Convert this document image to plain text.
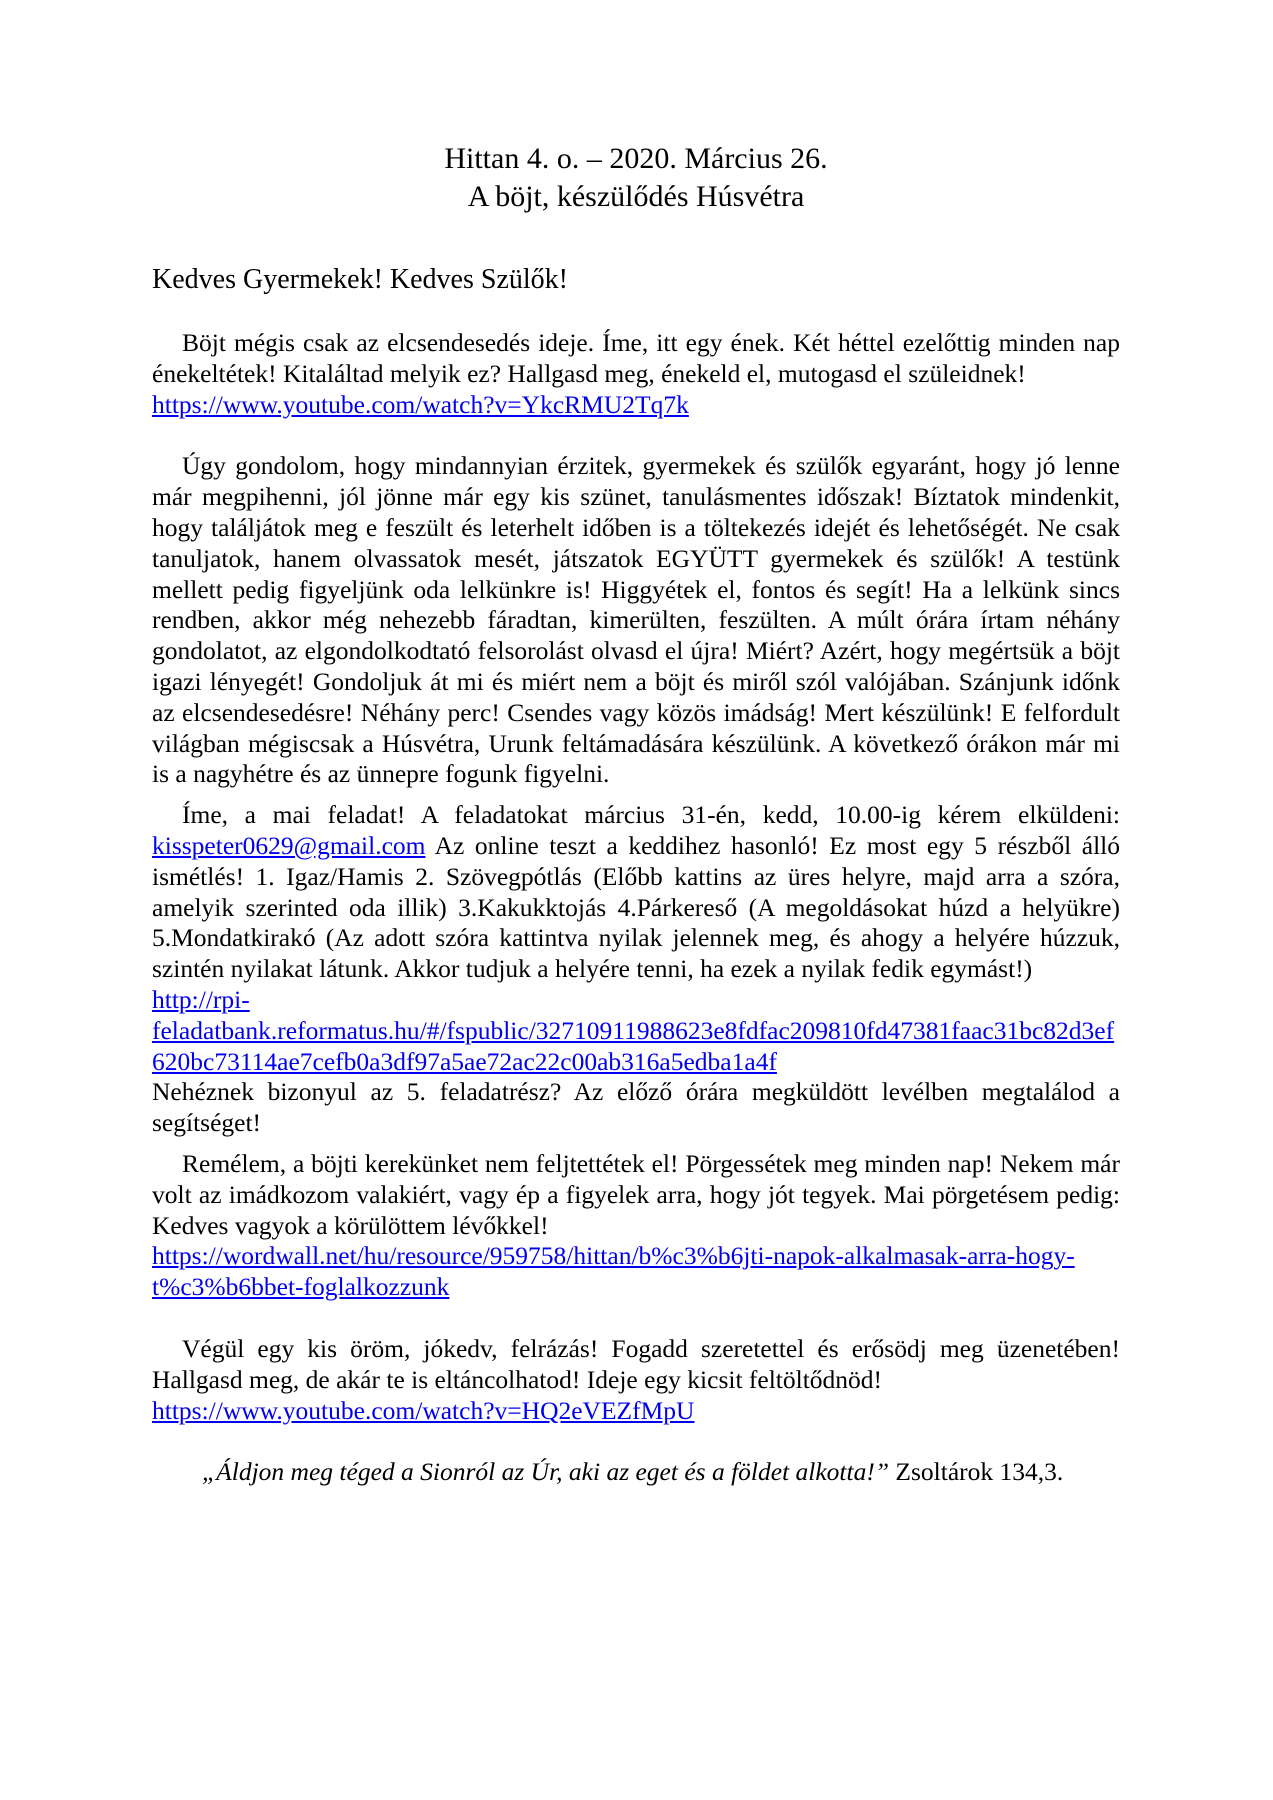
Hittan 4. o. – 2020. Március 26.
A böjt, készülődés Húsvétra

Kedves Gyermekek! Kedves Szülők!

Böjt mégis csak az elcsendesedés ideje. Íme, itt egy ének. Két héttel ezelőttig minden nap énekeltétek! Kitaláltad melyik ez? Hallgasd meg, énekeld el, mutogasd el szüleidnek!

https://www.youtube.com/watch?v=YkcRMU2Tq7k

Úgy gondolom, hogy mindannyian érzitek, gyermekek és szülők egyaránt, hogy jó lenne már megpihenni, jól jönne már egy kis szünet, tanulásmentes időszak! Bíztatok mindenkit, hogy találjátok meg e feszült és leterhelt időben is a töltekezés idejét és lehetőségét. Ne csak tanuljatok, hanem olvassatok mesét, játszatok EGYÜTT gyermekek és szülők! A testünk mellett pedig figyeljünk oda lelkünkre is! Higgyétek el, fontos és segít! Ha a lelkünk sincs rendben, akkor még nehezebb fáradtan, kimerülten, feszülten. A múlt órára írtam néhány gondolatot, az elgondolkodtató felsorolást olvasd el újra! Miért? Azért, hogy megértsük a böjt igazi lényegét! Gondoljuk át mi és miért nem a böjt és miről szól valójában. Szánjunk időnk az elcsendesedésre! Néhány perc! Csendes vagy közös imádság! Mert készülünk! E felfordult világban mégiscsak a Húsvétra, Urunk feltámadására készülünk. A következő órákon már mi is a nagyhétre és az ünnepre fogunk figyelni.

Íme, a mai feladat! A feladatokat március 31-én, kedd, 10.00-ig kérem elküldeni: kisspeter0629@gmail.com Az online teszt a keddihez hasonló! Ez most egy 5 részből álló ismétlés! 1. Igaz/Hamis 2. Szövegpótlás (Előbb kattins az üres helyre, majd arra a szóra, amelyik szerinted oda illik) 3.Kakukktojás 4.Párkereső (A megoldásokat húzd a helyükre) 5.Mondatkirakó (Az adott szóra kattintva nyilak jelennek meg, és ahogy a helyére húzzuk, szintén nyilakat látunk. Akkor tudjuk a helyére tenni, ha ezek a nyilak fedik egymást!)

http://rpi-
feladatbank.reformatus.hu/#/fspublic/32710911988623e8fdfac209810fd47381faac31bc82d3ef
620bc73114ae7cefb0a3df97a5ae72ac22c00ab316a5edba1a4f

Nehéznek bizonyul az 5. feladatrész? Az előző órára megküldött levélben megtalálod a segítséget!

Remélem, a böjti kerekünket nem feljtettétek el! Pörgessétek meg minden nap! Nekem már volt az imádkozom valakiért, vagy ép a figyelek arra, hogy jót tegyek. Mai pörgetésem pedig: Kedves vagyok a körülöttem lévőkkel!

https://wordwall.net/hu/resource/959758/hittan/b%c3%b6jti-napok-alkalmasak-arra-hogy-
t%c3%b6bbet-foglalkozzunk

Végül egy kis öröm, jókedv, felrázás! Fogadd szeretettel és erősödj meg üzenetében! Hallgasd meg, de akár te is eltáncolhatod! Ideje egy kicsit feltöltődnöd!

https://www.youtube.com/watch?v=HQ2eVEZfMpU

„Áldjon meg téged a Sionról az Úr, aki az eget és a földet alkotta!” Zsoltárok 134,3.
